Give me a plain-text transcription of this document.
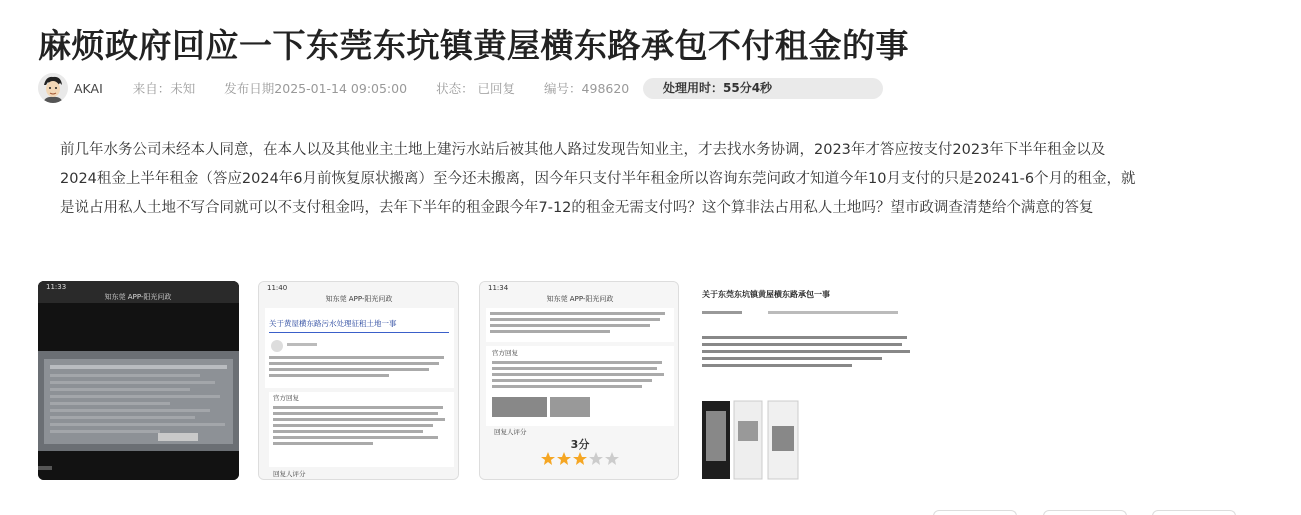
麻烦政府回应一下东莞东坑镇黄屋横东路承包不付租金的事
AKAI 来自：未知 发布日期2025-01-14 09:05:00 状态： 已回复 编号：498620	处理用时：55分4秒

前几年水务公司未经本人同意，在本人以及其他业主土地上建污水站后被其他人路过发现告知业主，才去找水务协调，2023年才答应按支付2023年下半年租金以及

2024租金上半年租金（答应2024年6月前恢复原状搬离）至今还未搬离，因今年只支付半年租金所以咨询东莞问政才知道今年10月支付的只是20241-6个月的租金，就

是说占用私人土地不写合同就可以不支付租金吗，去年下半年的租金跟今年7-12的租金无需支付吗？这个算非法占用私人土地吗？望市政调查清楚给个满意的答复

11:33
知东莞 APP-阳光问政
11:40
知东莞 APP-阳光问政
关于黄屋横东路污水处理征租土地一事
官方回复
回复人评分
11:34
知东莞 APP-阳光问政
官方回复
回复人评分
3分
关于东莞东坑镇黄屋横东路承包一事
